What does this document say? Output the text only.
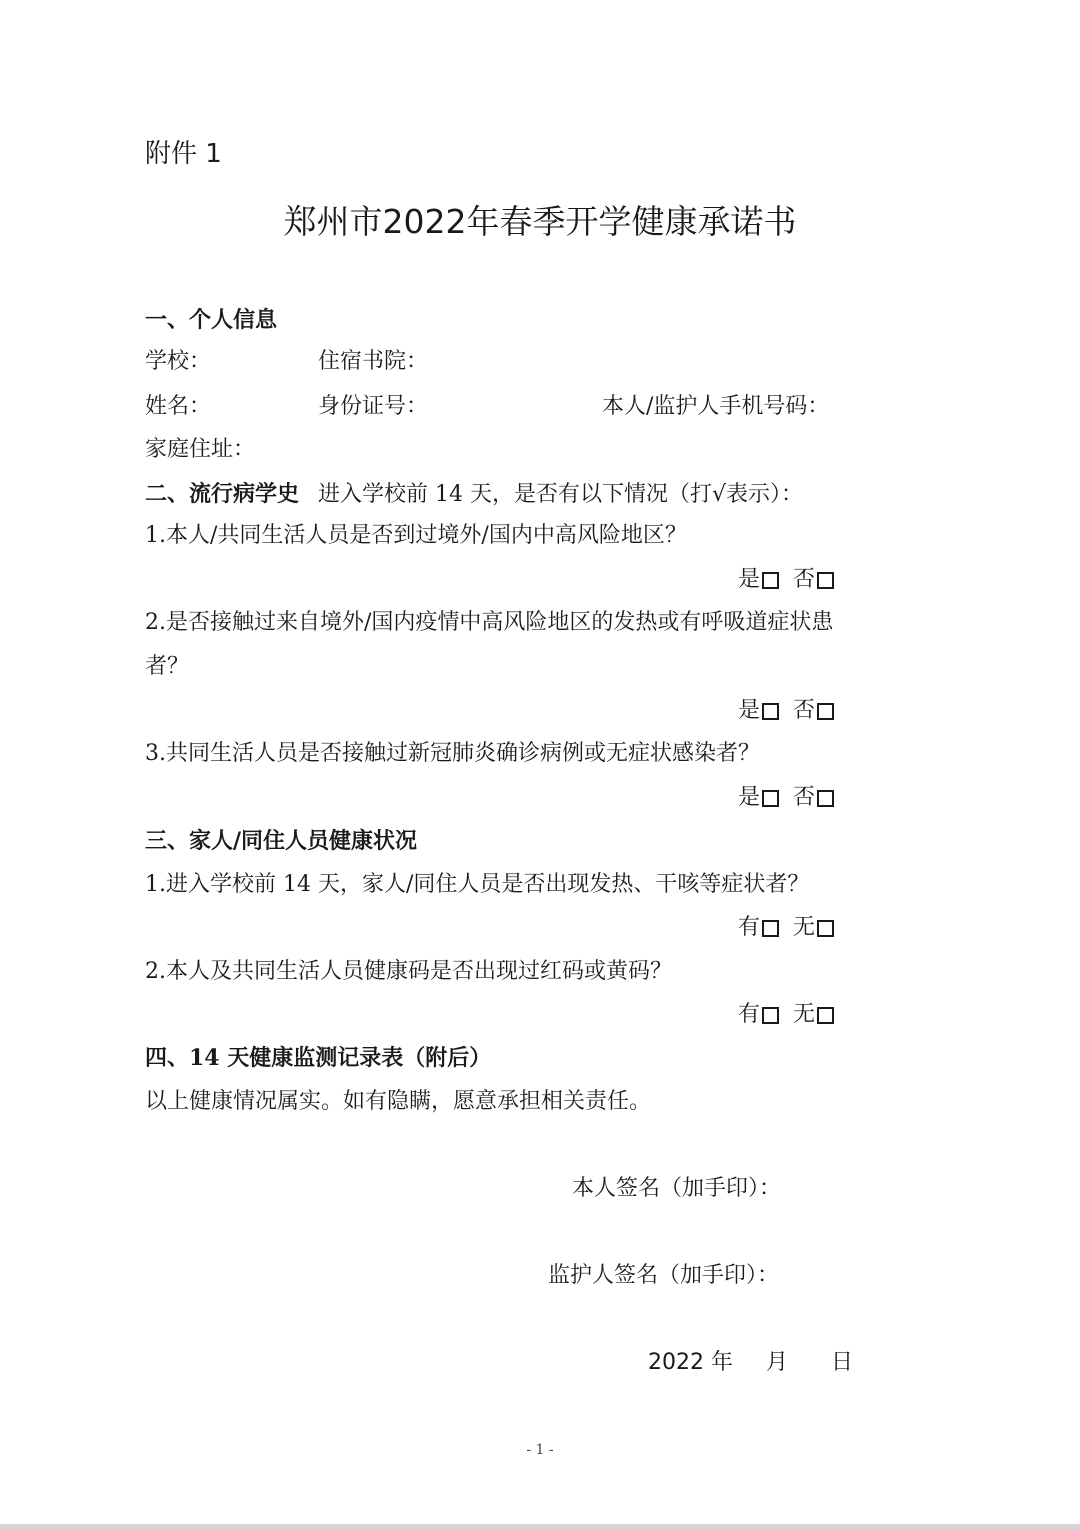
附件 1
郑州市2022年春季开学健康承诺书
一、个人信息
学校：	住宿书院：
姓名：	身份证号：	本人/监护人手机号码：
家庭住址：
二、流行病学史 进入学校前 14 天，是否有以下情况（打√表示）：
1.本人/共同生活人员是否到过境外/国内中高风险地区？
是 否
2.是否接触过来自境外/国内疫情中高风险地区的发热或有呼吸道症状患
者？
是 否
3.共同生活人员是否接触过新冠肺炎确诊病例或无症状感染者？
是 否
三、家人/同住人员健康状况
1.进入学校前 14 天，家人/同住人员是否出现发热、干咳等症状者？
有 无
2.本人及共同生活人员健康码是否出现过红码或黄码？
有 无
四、14 天健康监测记录表（附后）
以上健康情况属实。如有隐瞒，愿意承担相关责任。
本人签名（加手印）：
监护人签名（加手印）：
2022 年 月 日
- 1 -
